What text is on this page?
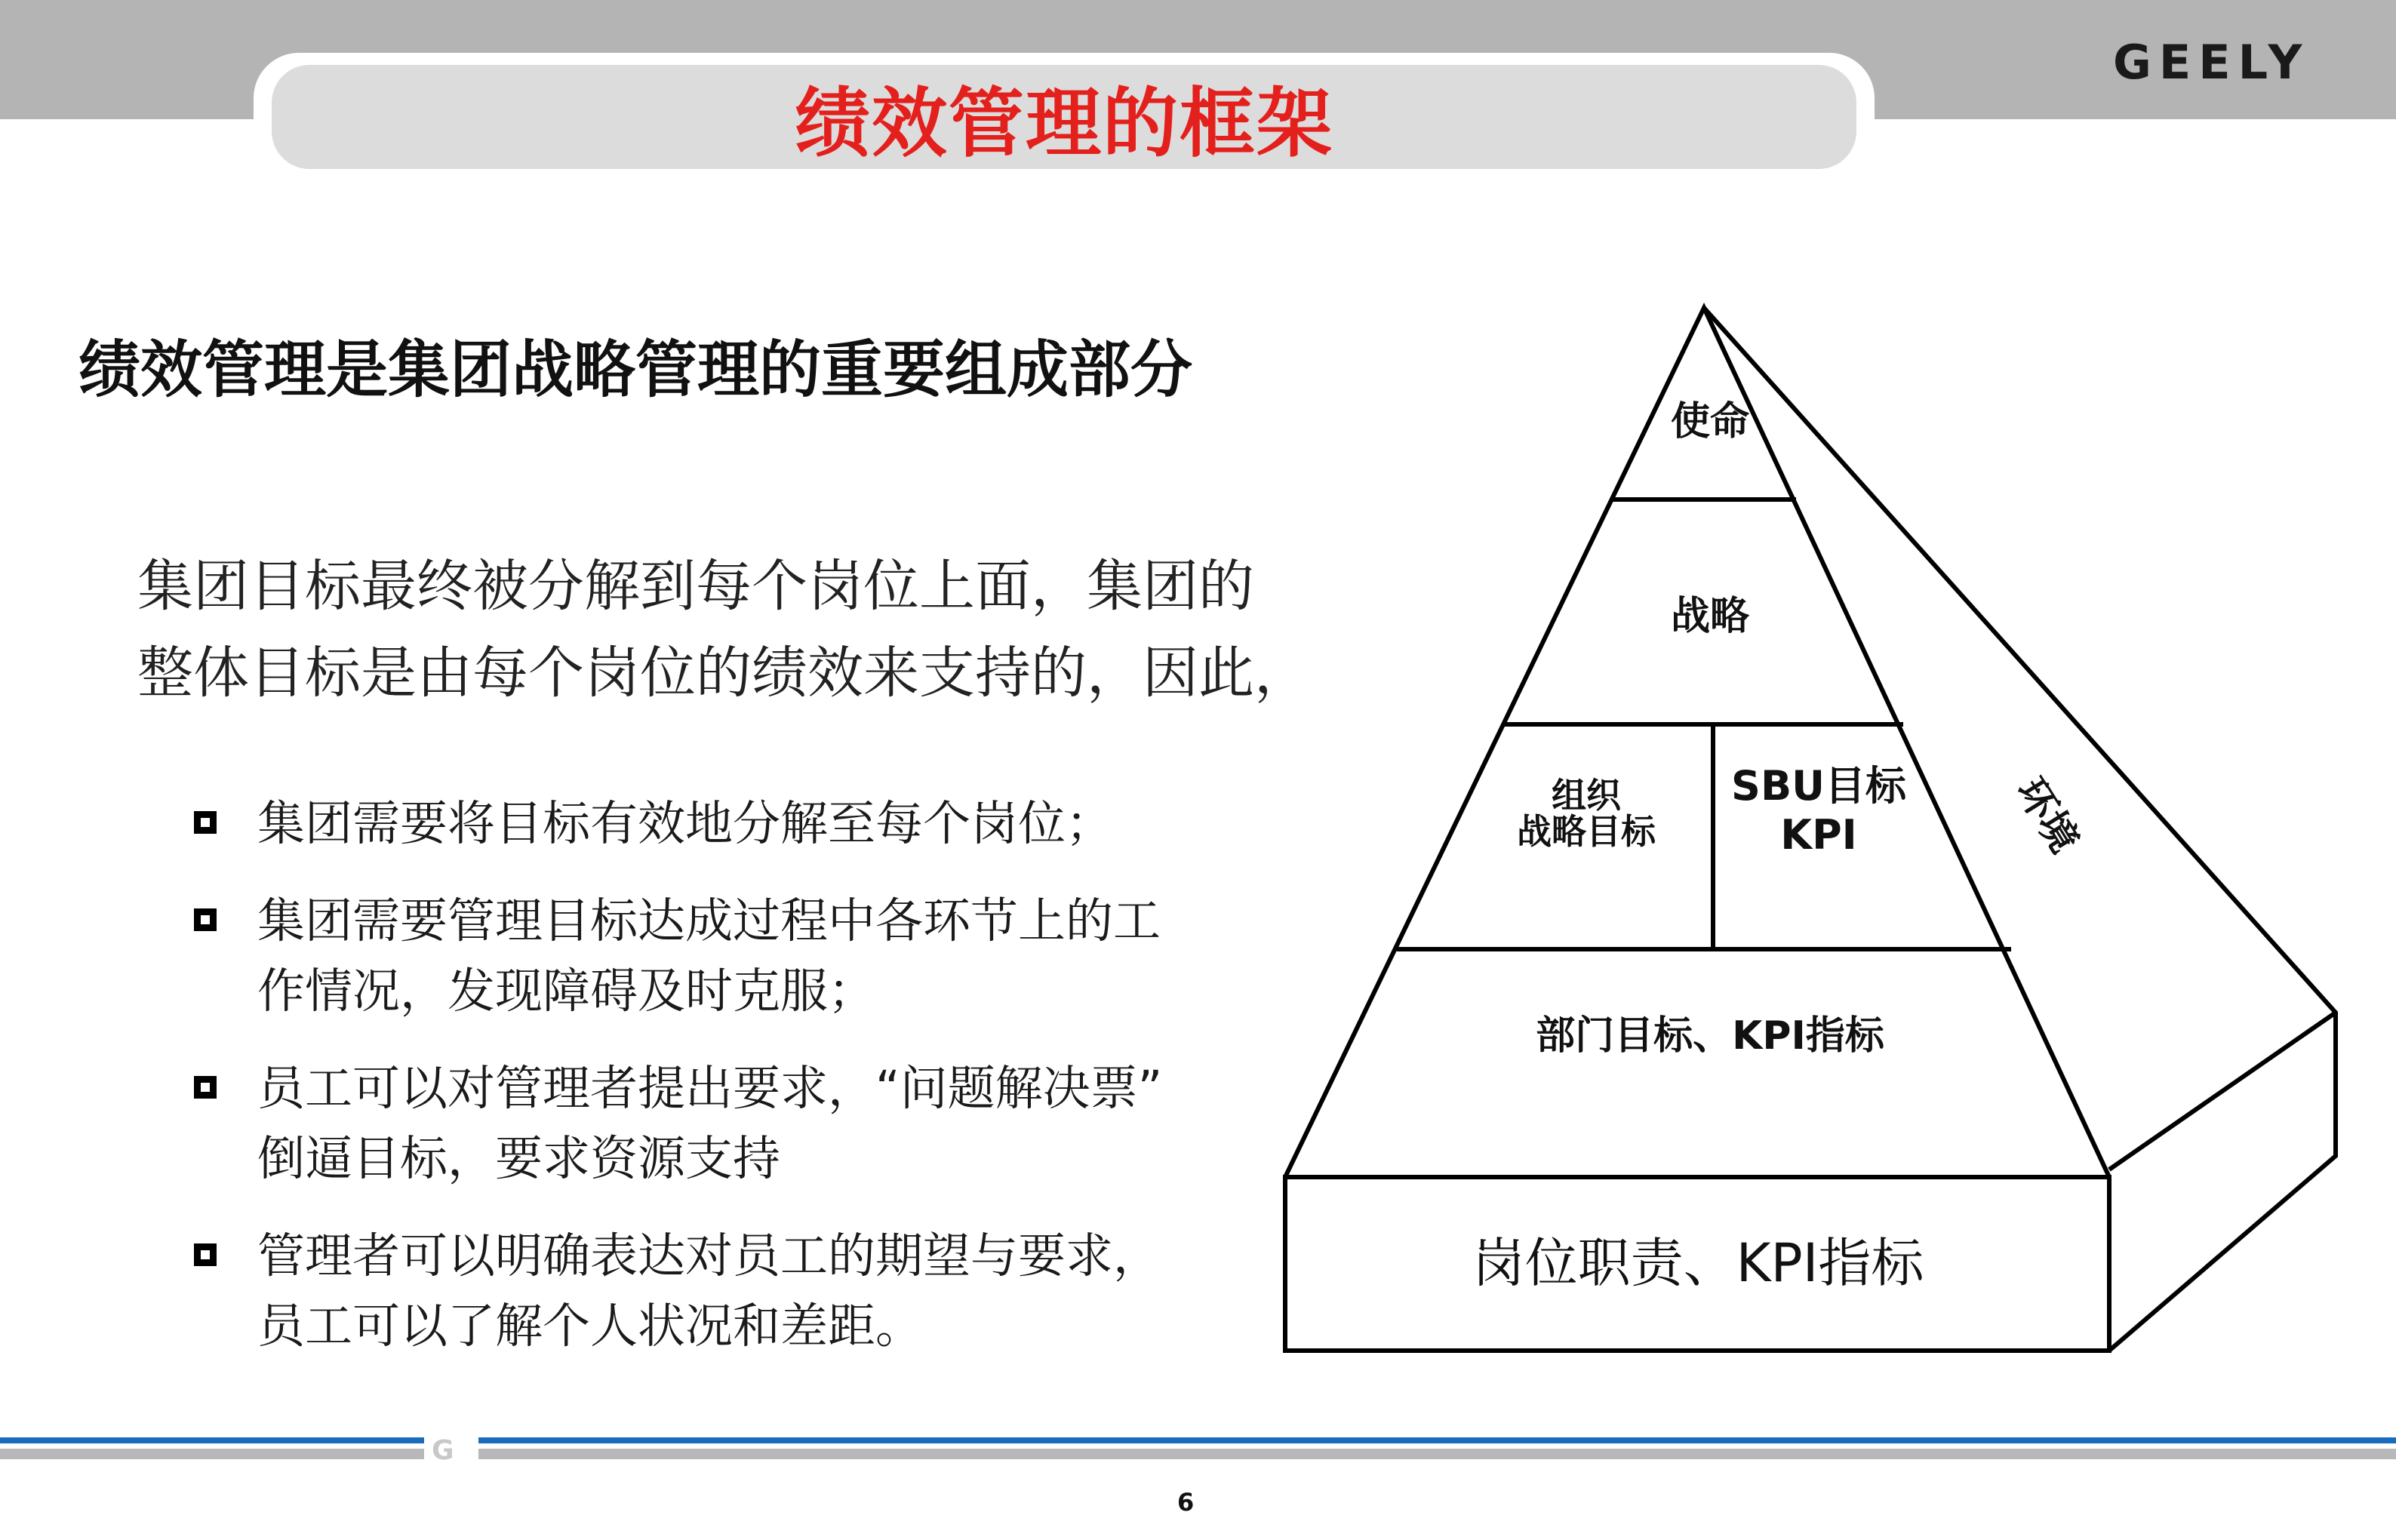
绩效管理的框架
GEELY
绩效管理是集团战略管理的重要组成部分
集团目标最终被分解到每个岗位上面，集团的
整体目标是由每个岗位的绩效来支持的，因此，
集团需要将目标有效地分解至每个岗位；
集团需要管理目标达成过程中各环节上的工
作情况，发现障碍及时克服；
员工可以对管理者提出要求，“问题解决票”
倒逼目标，要求资源支持
管理者可以明确表达对员工的期望与要求，
员工可以了解个人状况和差距。
使命
战略
组织
战略目标
SBU目标
KPI
部门目标、KPI指标
岗位职责、KPI指标
环境
G
6
